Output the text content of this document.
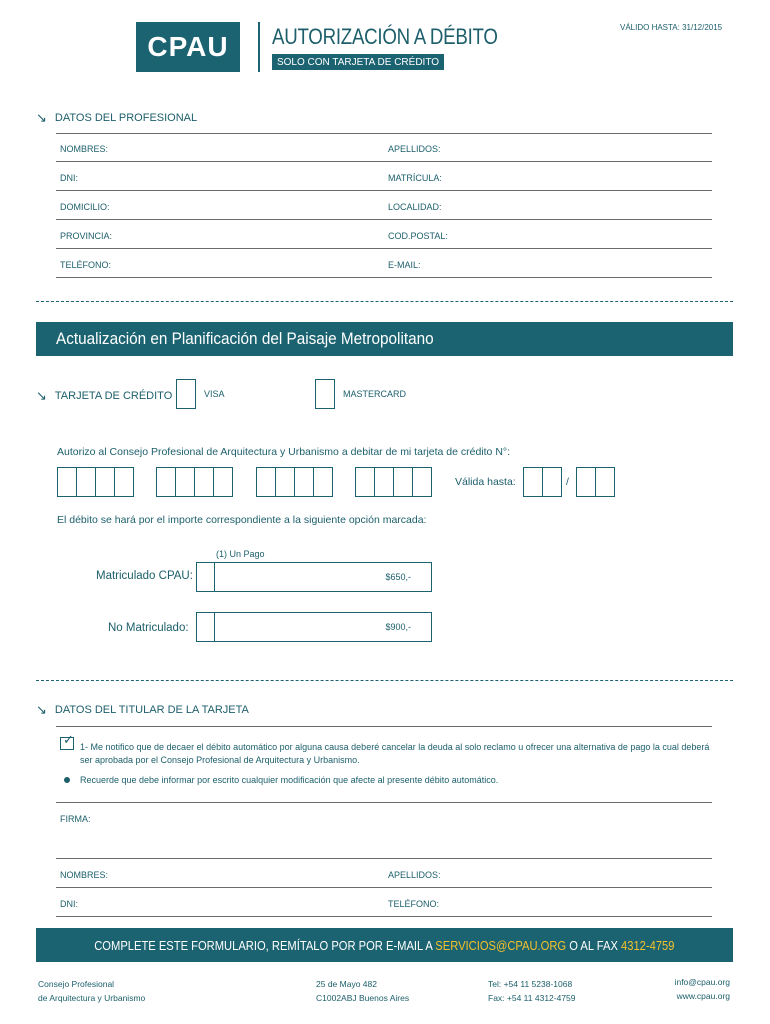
CPAU AUTORIZACIÓN A DÉBITO
SOLO CON TARJETA DE CRÉDITO
VÁLIDO HASTA: 31/12/2015
↘ DATOS DEL PROFESIONAL
NOMBRES:	APELLIDOS:
DNI:	MATRÍCULA:
DOMICILIO:	LOCALIDAD:
PROVINCIA:	COD.POSTAL:
TELÉFONO:	E-MAIL:
Actualización en Planificación del Paisaje Metropolitano
↘ TARJETA DE CRÉDITO	VISA	MASTERCARD
Autorizo al Consejo Profesional de Arquitectura y Urbanismo a debitar de mi tarjeta de crédito N°:
Válida hasta:	/
El débito se hará por el importe correspondiente a la siguiente opción marcada:
(1) Un Pago
Matriculado CPAU:	$650,-
No Matriculado:	$900,-
↘ DATOS DEL TITULAR DE LA TARJETA
✓ 1- Me notifico que de decaer el débito automático por alguna causa deberé cancelar la deuda al solo reclamo u ofrecer una alternativa de pago la cual deberá
ser aprobada por el Consejo Profesional de Arquitectura y Urbanismo.
Recuerde que debe informar por escrito cualquier modificación que afecte al presente débito automático.
FIRMA:
NOMBRES:	APELLIDOS:
DNI:	TELÉFONO:
COMPLETE ESTE FORMULARIO, REMÍTALO POR POR E-MAIL A SERVICIOS@CPAU.ORG O AL FAX 4312-4759
Consejo Profesional
de Arquitectura y Urbanismo
25 de Mayo 482
C1002ABJ Buenos Aires
Tel: +54 11 5238-1068
Fax: +54 11 4312-4759
info@cpau.org
www.cpau.org
